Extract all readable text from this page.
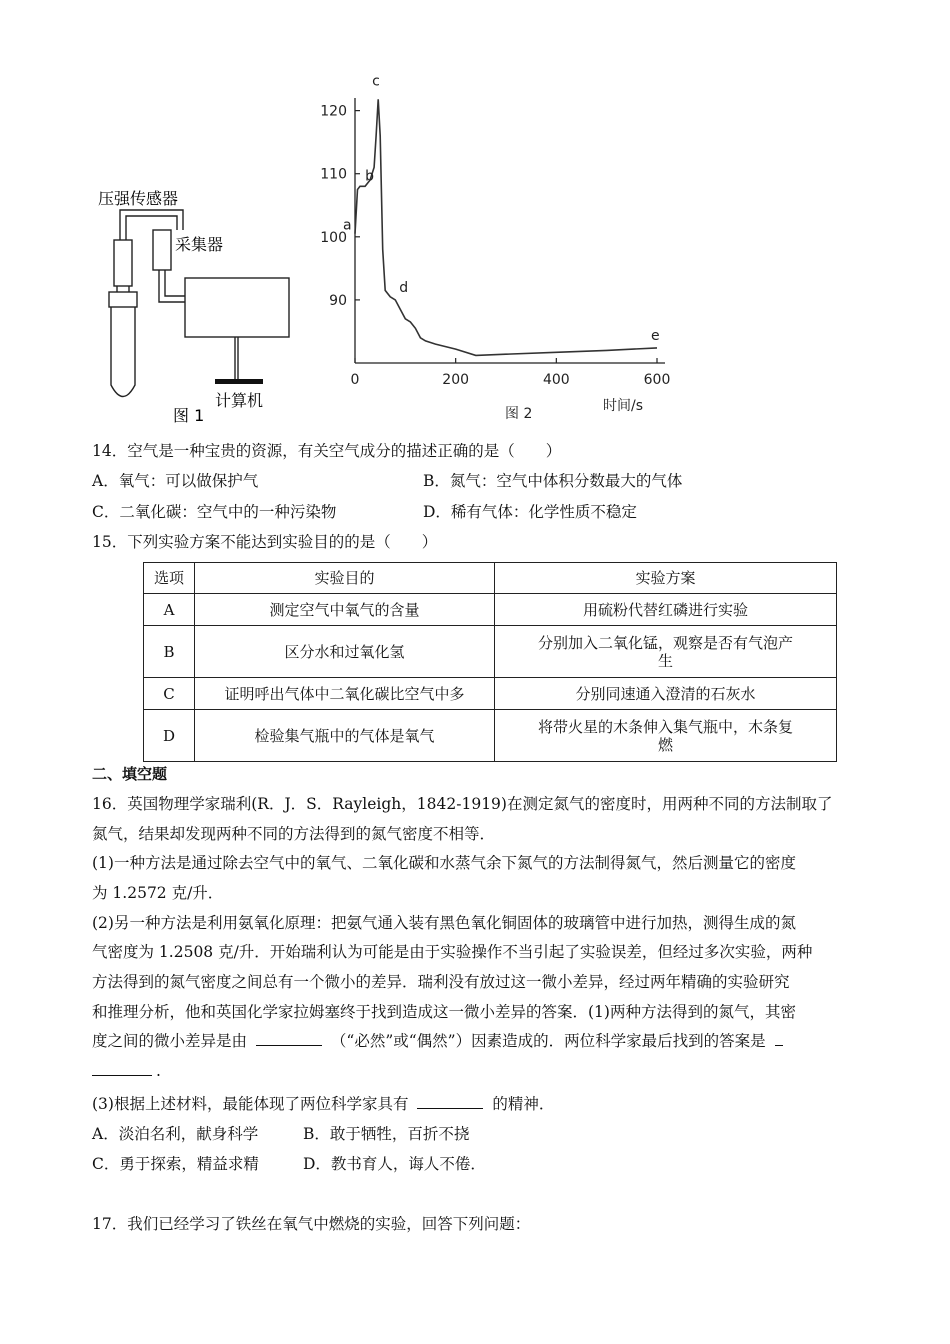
压强传感器
采集器
计算机
图 1
0	200	400	600
90
100
110
120
a
b
c
d
e
时间/s
图 2
14．空气是一种宝贵的资源，有关空气成分的描述正确的是（　　）
A．氧气：可以做保护气	B．氮气：空气中体积分数最大的气体
C．二氧化碳：空气中的一种污染物	D．稀有气体：化学性质不稳定
15．下列实验方案不能达到实验目的的是（　　）
选项	实验目的	实验方案
A	测定空气中氧气的含量	用硫粉代替红磷进行实验
B	区分水和过氧化氢	分别加入二氧化锰，观察是否有气泡产
生
C	证明呼出气体中二氧化碳比空气中多	分别同速通入澄清的石灰水
D	检验集气瓶中的气体是氧气	将带火星的木条伸入集气瓶中，木条复
燃
二、填空题
16．英国物理学家瑞利(R．J．S．Rayleigh，1842-1919)在测定氮气的密度时，用两种不同的方法制取了
氮气，结果却发现两种不同的方法得到的氮气密度不相等．
(1)一种方法是通过除去空气中的氧气、二氧化碳和水蒸气余下氮气的方法制得氮气，然后测量它的密度
为 1.2572 克/升．
(2)另一种方法是利用氨氧化原理：把氨气通入装有黑色氧化铜固体的玻璃管中进行加热，测得生成的氮
气密度为 1.2508 克/升．开始瑞利认为可能是由于实验操作不当引起了实验误差，但经过多次实验，两种
方法得到的氮气密度之间总有一个微小的差异．瑞利没有放过这一微小差异，经过两年精确的实验研究
和推理分析，他和英国化学家拉姆塞终于找到造成这一微小差异的答案．(1)两种方法得到的氮气，其密
度之间的微小差异是由	（“必然”或“偶然”）因素造成的．两位科学家最后找到的答案是
.
(3)根据上述材料，最能体现了两位科学家具有	的精神．
A．淡泊名利，献身科学	B．敢于牺牲，百折不挠
C．勇于探索，精益求精	D．教书育人，诲人不倦．
17．我们已经学习了铁丝在氧气中燃烧的实验，回答下列问题：
